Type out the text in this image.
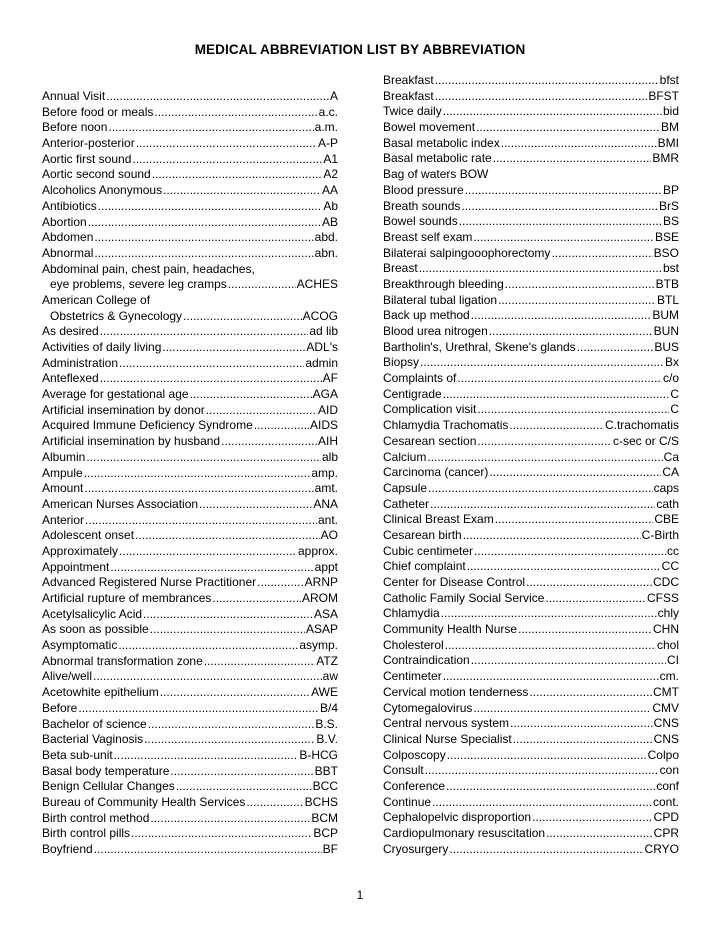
MEDICAL ABBREVIATION LIST BY ABBREVIATION
Annual Visit .....	A
Before food or meals .....	a.c.
Before noon .....	a.m.
Anterior-posterior .....	A-P
Aortic first sound .....	A1
Aortic second sound .....	A2
Alcoholics Anonymous .....	AA
Antibiotics .....	Ab
Abortion .....	AB
Abdomen .....	abd.
Abnormal .....	abn.
Abdominal pain, chest pain, headaches,
eye problems, severe leg cramps .....	ACHES
American College of
Obstetrics & Gynecology .....	ACOG
As desired .....	ad lib
Activities of daily living .....	ADL's
Administration .....	admin
Anteflexed .....	AF
Average for gestational age .....	AGA
Artificial insemination by donor .....	AID
Acquired Immune Deficiency Syndrome .....	AIDS
Artificial insemination by husband .....	AIH
Albumin .....	alb
Ampule .....	amp.
Amount .....	amt.
American Nurses Association .....	ANA
Anterior .....	ant.
Adolescent onset .....	AO
Approximately .....	approx.
Appointment .....	appt
Advanced Registered Nurse Practitioner .....	ARNP
Artificial rupture of membrances .....	AROM
Acetylsalicylic Acid .....	ASA
As soon as possible .....	ASAP
Asymptomatic .....	asymp.
Abnormal transformation zone .....	ATZ
Alive/well .....	aw
Acetowhite epithelium .....	AWE
Before .....	B/4
Bachelor of science .....	B.S.
Bacterial Vaginosis .....	B.V.
Beta sub-unit .....	B-HCG
Basal body temperature .....	BBT
Benign Cellular Changes .....	BCC
Bureau of Community Health Services .....	BCHS
Birth control method .....	BCM
Birth control pills .....	BCP
Boyfriend .....	BF
Breakfast .....	bfst
Breakfast .....	BFST
Twice daily .....	bid
Bowel movement .....	BM
Basal metabolic index .....	BMI
Basal metabolic rate .....	BMR
Bag of waters BOW
Blood pressure .....	BP
Breath sounds .....	BrS
Bowel sounds .....	BS
Breast self exam .....	BSE
Bilaterai salpingooophorectomy .....	BSO
Breast .....	bst
Breakthrough bleeding .....	BTB
Bilateral tubal ligation .....	BTL
Back up method .....	BUM
Blood urea nitrogen .....	BUN
Bartholin's, Urethral, Skene's glands .....	BUS
Biopsy .....	Bx
Complaints of .....	c/o
Centigrade .....	C
Complication visit .....	C
Chlamydia Trachomatis .....	C.trachomatis
Cesarean section .....	c-sec or C/S
Calcium .....	Ca
Carcinoma (cancer) .....	CA
Capsule .....	caps
Catheter .....	cath
Clinical Breast Exam .....	CBE
Cesarean birth .....	C-Birth
Cubic centimeter .....	cc
Chief complaint .....	CC
Center for Disease Control .....	CDC
Catholic Family Social Service .....	CFSS
Chlamydia .....	chly
Community Health Nurse .....	CHN
Cholesterol .....	chol
Contraindication .....	CI
Centimeter .....	cm.
Cervical motion tenderness .....	CMT
Cytomegalovirus .....	CMV
Central nervous system .....	CNS
Clinical Nurse Specialist .....	CNS
Colposcopy .....	Colpo
Consult .....	con
Conference .....	conf
Continue .....	cont.
Cephalopelvic disproportion .....	CPD
Cardiopulmonary resuscitation .....	CPR
Cryosurgery .....	CRYO
1
